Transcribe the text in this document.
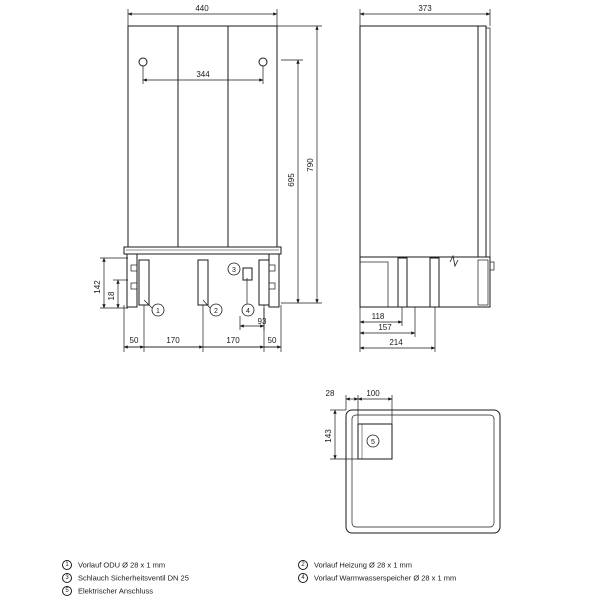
440
344
790
695
142
18
93
50	170	170	50
373
118
157
214
28	100
143
1	2
3
4
5
1 Vorlauf ODU Ø 28 x 1 mm	2 Vorlauf Heizung Ø 28 x 1 mm
3 Schlauch Sicherheitsventil DN 25	4 Vorlauf Warmwasserspeicher Ø 28 x 1 mm
5 Elektrischer Anschluss
